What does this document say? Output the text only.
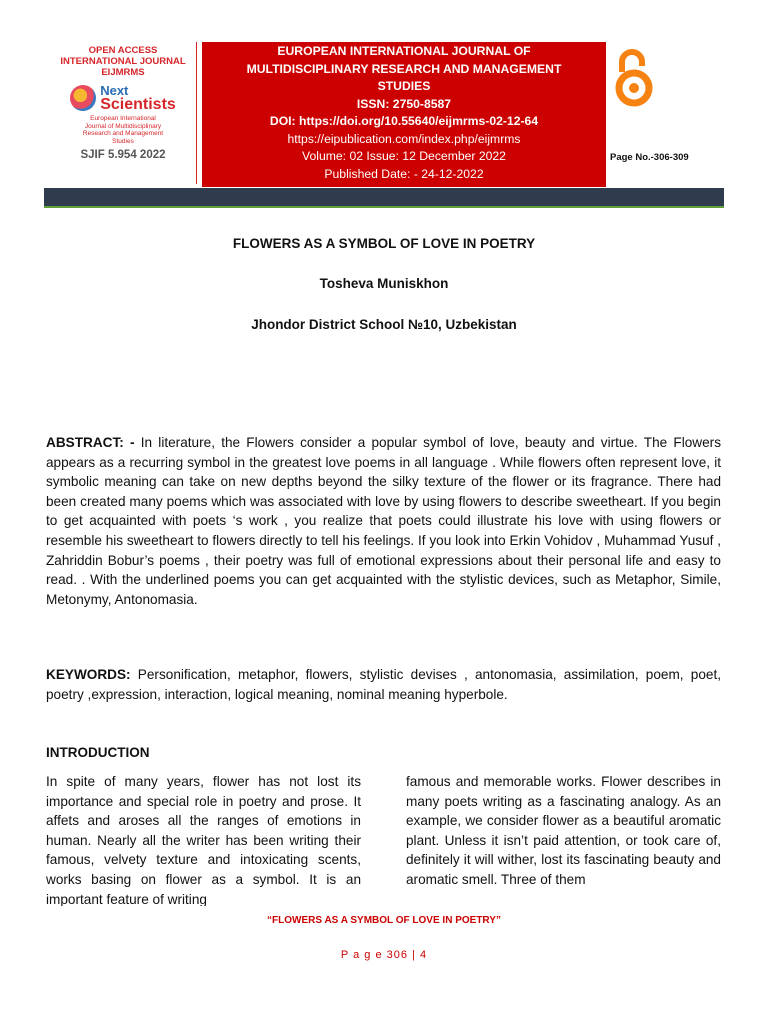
OPEN ACCESS
INTERNATIONAL JOURNAL
EIJMRMS
Next
Scientists
European International
Journal of Multidisciplinary
Research and Management
Studies
SJIF 5.954 2022
EUROPEAN INTERNATIONAL JOURNAL OF
MULTIDISCIPLINARY RESEARCH AND MANAGEMENT
STUDIES
ISSN: 2750-8587
DOI: https://doi.org/10.55640/eijmrms-02-12-64
https://eipublication.com/index.php/eijmrms
Volume: 02 Issue: 12 December 2022
Published Date: - 24-12-2022
Page No.-306-309
FLOWERS AS A SYMBOL OF LOVE IN POETRY
Tosheva Muniskhon
Jhondor District School №10, Uzbekistan
ABSTRACT: - In literature, the Flowers consider a popular symbol of love, beauty and virtue. The Flowers appears as a recurring symbol in the greatest love poems in all language . While flowers often represent love, it symbolic meaning can take on new depths beyond the silky texture of the flower or its fragrance. There had been created many poems which was associated with love by using flowers to describe sweetheart. If you begin to get acquainted with poets ‘s work , you realize that poets could illustrate his love with using flowers or resemble his sweetheart to flowers directly to tell his feelings. If you look into Erkin Vohidov , Muhammad Yusuf , Zahriddin Bobur’s poems , their poetry was full of emotional expressions about their personal life and easy to read. . With the underlined poems you can get acquainted with the stylistic devices, such as Metaphor, Simile, Metonymy, Antonomasia.
KEYWORDS: Personification, metaphor, flowers, stylistic devises , antonomasia, assimilation, poem, poet, poetry ,expression, interaction, logical meaning, nominal meaning hyperbole.
INTRODUCTION
In spite of many years, flower has not lost its importance and special role in poetry and prose. It affets and aroses all the ranges of emotions in human. Nearly all the writer has been writing their famous, velvety texture and intoxicating scents, works basing on flower as a symbol. It is an important feature of writing
famous and memorable works. Flower describes in many poets writing as a fascinating analogy. As an example, we consider flower as a beautiful aromatic plant. Unless it isn’t paid attention, or took care of, definitely it will wither, lost its fascinating beauty and aromatic smell. Three of them
“FLOWERS AS A SYMBOL OF LOVE IN POETRY”
P a g e 306 | 4
